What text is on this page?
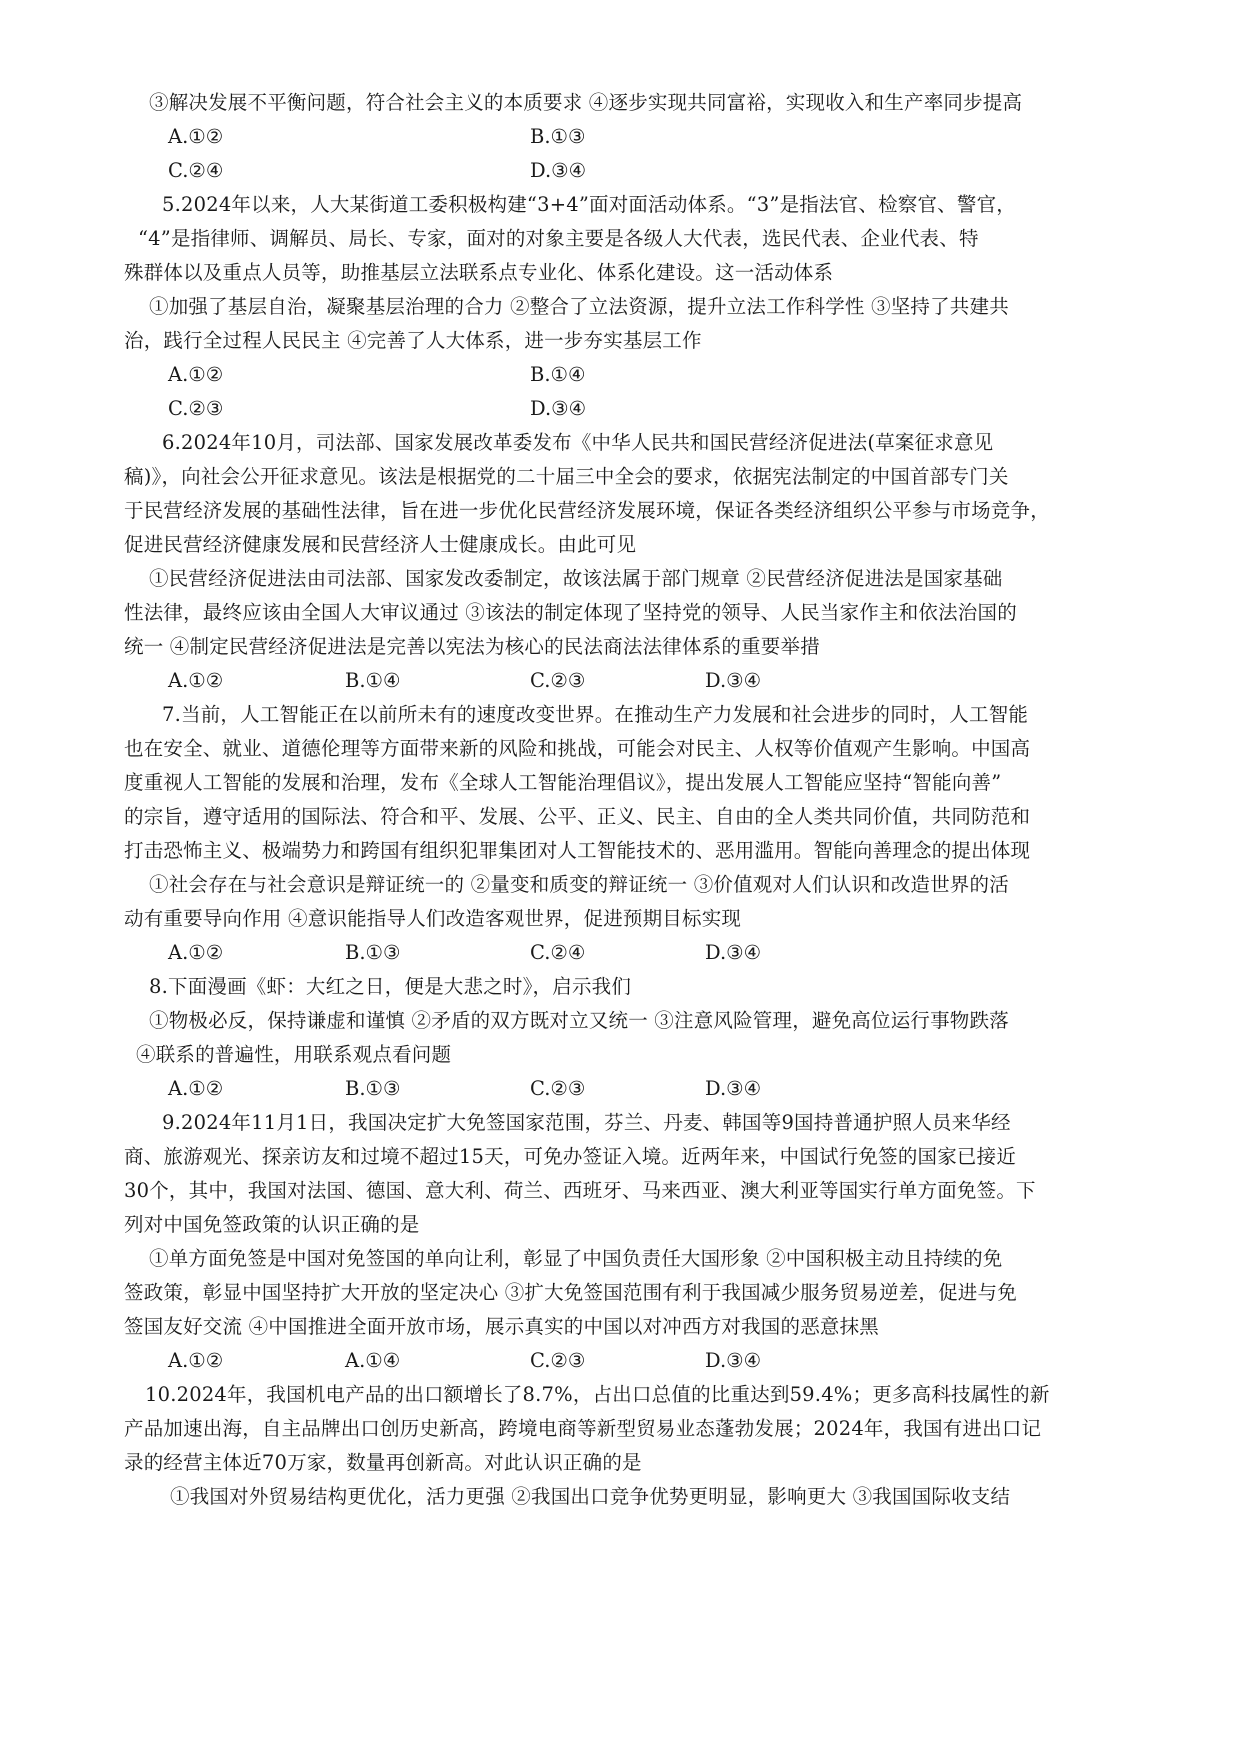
③解决发展不平衡问题，符合社会主义的本质要求 ④逐步实现共同富裕，实现收入和生产率同步提高
A.①②	B.①③
C.②④	D.③④
5.2024年以来，人大某街道工委积极构建“3+4”面对面活动体系。“3”是指法官、检察官、警官，
“4”是指律师、调解员、局长、专家，面对的对象主要是各级人大代表，选民代表、企业代表、特
殊群体以及重点人员等，助推基层立法联系点专业化、体系化建设。这一活动体系
①加强了基层自治，凝聚基层治理的合力 ②整合了立法资源，提升立法工作科学性 ③坚持了共建共
治，践行全过程人民民主 ④完善了人大体系，进一步夯实基层工作
A.①②	B.①④
C.②③	D.③④
6.2024年10月，司法部、国家发展改革委发布《中华人民共和国民营经济促进法(草案征求意见
稿)》，向社会公开征求意见。该法是根据党的二十届三中全会的要求，依据宪法制定的中国首部专门关
于民营经济发展的基础性法律，旨在进一步优化民营经济发展环境，保证各类经济组织公平参与市场竞争，
促进民营经济健康发展和民营经济人士健康成长。由此可见
①民营经济促进法由司法部、国家发改委制定，故该法属于部门规章 ②民营经济促进法是国家基础
性法律，最终应该由全国人大审议通过 ③该法的制定体现了坚持党的领导、人民当家作主和依法治国的
统一 ④制定民营经济促进法是完善以宪法为核心的民法商法法律体系的重要举措
A.①②	B.①④	C.②③	D.③④
7.当前，人工智能正在以前所未有的速度改变世界。在推动生产力发展和社会进步的同时，人工智能
也在安全、就业、道德伦理等方面带来新的风险和挑战，可能会对民主、人权等价值观产生影响。中国高
度重视人工智能的发展和治理，发布《全球人工智能治理倡议》，提出发展人工智能应坚持“智能向善”
的宗旨，遵守适用的国际法、符合和平、发展、公平、正义、民主、自由的全人类共同价值，共同防范和
打击恐怖主义、极端势力和跨国有组织犯罪集团对人工智能技术的、恶用滥用。智能向善理念的提出体现
①社会存在与社会意识是辩证统一的 ②量变和质变的辩证统一 ③价值观对人们认识和改造世界的活
动有重要导向作用 ④意识能指导人们改造客观世界，促进预期目标实现
A.①②	B.①③	C.②④	D.③④
8.下面漫画《虾：大红之日，便是大悲之时》，启示我们
①物极必反，保持谦虚和谨慎 ②矛盾的双方既对立又统一 ③注意风险管理，避免高位运行事物跌落
④联系的普遍性，用联系观点看问题
A.①②	B.①③	C.②③	D.③④
9.2024年11月1日，我国决定扩大免签国家范围，芬兰、丹麦、韩国等9国持普通护照人员来华经
商、旅游观光、探亲访友和过境不超过15天，可免办签证入境。近两年来，中国试行免签的国家已接近
30个，其中，我国对法国、德国、意大利、荷兰、西班牙、马来西亚、澳大利亚等国实行单方面免签。下
列对中国免签政策的认识正确的是
①单方面免签是中国对免签国的单向让利，彰显了中国负责任大国形象 ②中国积极主动且持续的免
签政策，彰显中国坚持扩大开放的坚定决心 ③扩大免签国范围有利于我国减少服务贸易逆差，促进与免
签国友好交流 ④中国推进全面开放市场，展示真实的中国以对冲西方对我国的恶意抹黑
A.①②	A.①④	C.②③	D.③④
10.2024年，我国机电产品的出口额增长了8.7%，占出口总值的比重达到59.4%；更多高科技属性的新
产品加速出海，自主品牌出口创历史新高，跨境电商等新型贸易业态蓬勃发展；2024年，我国有进出口记
录的经营主体近70万家，数量再创新高。对此认识正确的是
①我国对外贸易结构更优化，活力更强 ②我国出口竞争优势更明显，影响更大 ③我国国际收支结
